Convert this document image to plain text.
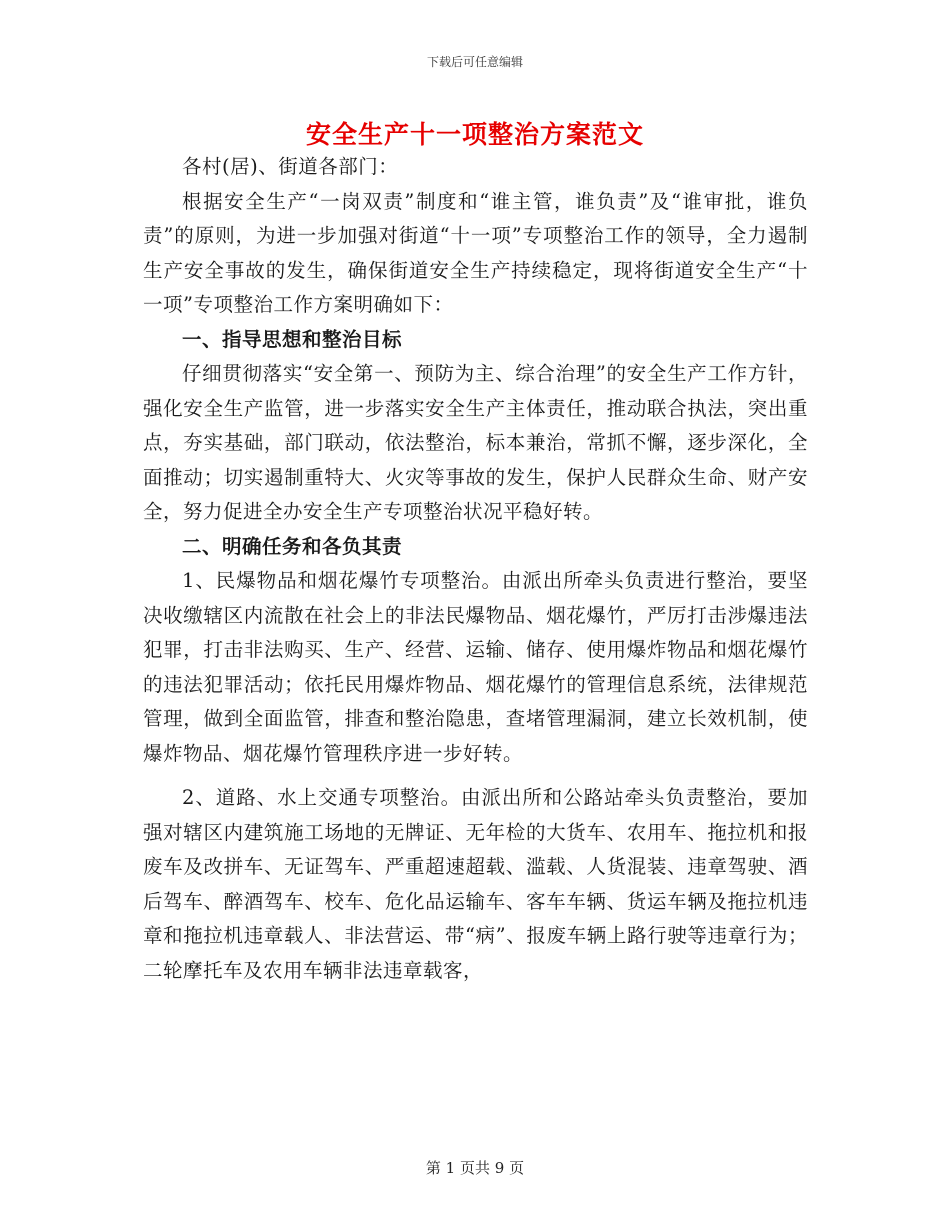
下载后可任意编辑
安全生产十一项整治方案范文

各村(居)、街道各部门：

根据安全生产“一岗双责”制度和“谁主管，谁负责”及“谁审批，谁负责”的原则，为进一步加强对街道“十一项”专项整治工作的领导，全力遏制生产安全事故的发生，确保街道安全生产持续稳定，现将街道安全生产“十一项”专项整治工作方案明确如下：

一、指导思想和整治目标

仔细贯彻落实“安全第一、预防为主、综合治理”的安全生产工作方针，强化安全生产监管，进一步落实安全生产主体责任，推动联合执法，突出重点，夯实基础，部门联动，依法整治，标本兼治，常抓不懈，逐步深化，全面推动；切实遏制重特大、火灾等事故的发生，保护人民群众生命、财产安全，努力促进全办安全生产专项整治状况平稳好转。

二、明确任务和各负其责

1、民爆物品和烟花爆竹专项整治。由派出所牵头负责进行整治，要坚决收缴辖区内流散在社会上的非法民爆物品、烟花爆竹，严厉打击涉爆违法犯罪，打击非法购买、生产、经营、运输、储存、使用爆炸物品和烟花爆竹的违法犯罪活动；依托民用爆炸物品、烟花爆竹的管理信息系统，法律规范管理，做到全面监管，排查和整治隐患，查堵管理漏洞，建立长效机制，使爆炸物品、烟花爆竹管理秩序进一步好转。

2、道路、水上交通专项整治。由派出所和公路站牵头负责整治，要加强对辖区内建筑施工场地的无牌证、无年检的大货车、农用车、拖拉机和报废车及改拼车、无证驾车、严重超速超载、滥载、人货混装、违章驾驶、酒后驾车、醉酒驾车、校车、危化品运输车、客车车辆、货运车辆及拖拉机违章和拖拉机违章载人、非法营运、带“病”、报废车辆上路行驶等违章行为；二轮摩托车及农用车辆非法违章载客，

第 1 页共 9 页
